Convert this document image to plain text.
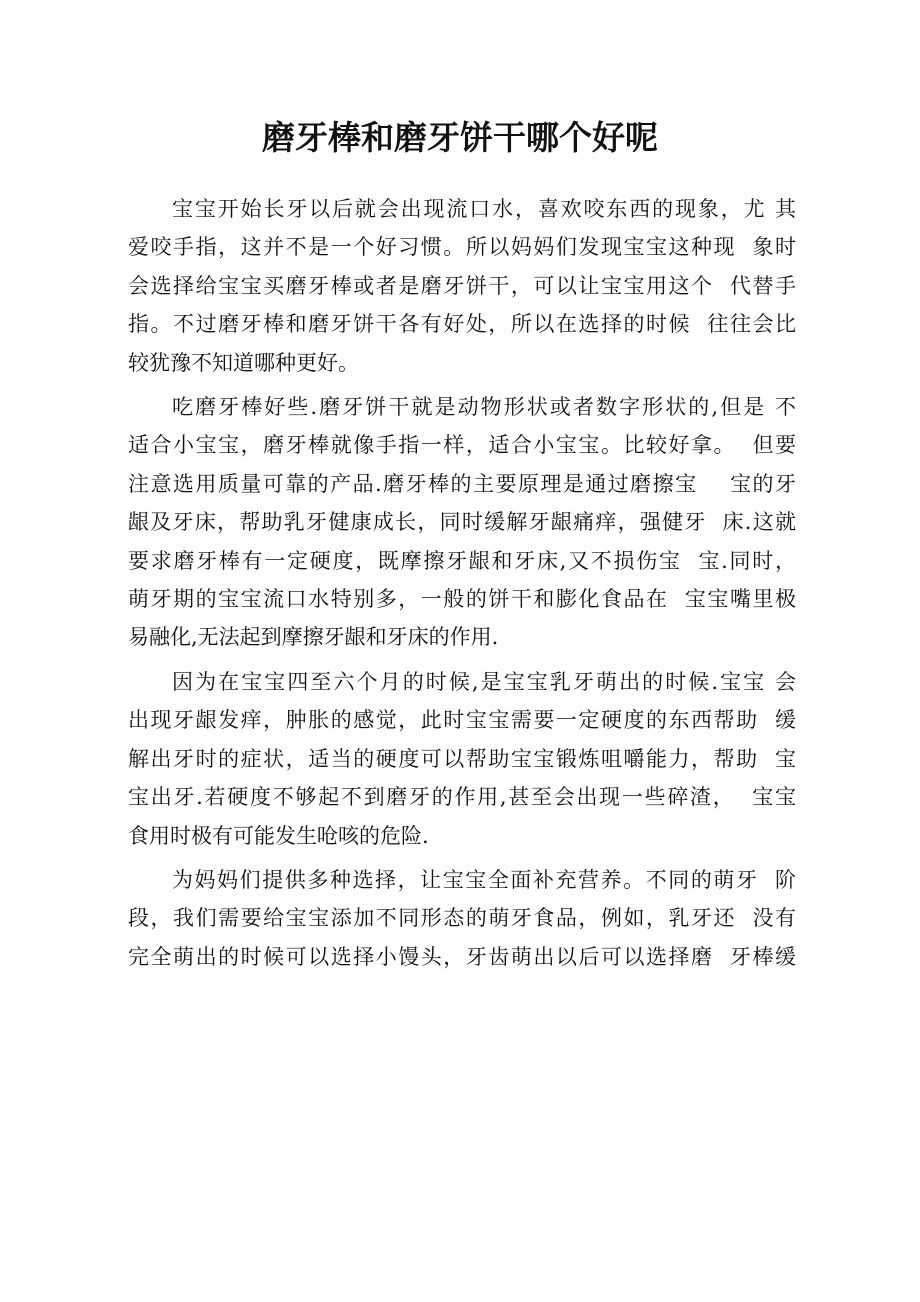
磨牙棒和磨牙饼干哪个好呢
宝宝开始长牙以后就会出现流口水，喜欢咬东西的现象，尤 其
爱咬手指，这并不是一个好习惯。所以妈妈们发现宝宝这种现  象时
会选择给宝宝买磨牙棒或者是磨牙饼干，可以让宝宝用这个  代替手
指。不过磨牙棒和磨牙饼干各有好处，所以在选择的时候  往往会比
较犹豫不知道哪种更好。
吃磨牙棒好些.磨牙饼干就是动物形状或者数字形状的,但是 不
适合小宝宝，磨牙棒就像手指一样，适合小宝宝。比较好拿。  但要
注意选用质量可靠的产品.磨牙棒的主要原理是通过磨擦宝    宝的牙
龈及牙床，帮助乳牙健康成长，同时缓解牙龈痛痒，强健牙  床.这就
要求磨牙棒有一定硬度，既摩擦牙龈和牙床,又不损伤宝  宝.同时，
萌牙期的宝宝流口水特别多，一般的饼干和膨化食品在  宝宝嘴里极
易融化,无法起到摩擦牙龈和牙床的作用.
因为在宝宝四至六个月的时候,是宝宝乳牙萌出的时候.宝宝 会
出现牙龈发痒，肿胀的感觉，此时宝宝需要一定硬度的东西帮助  缓
解出牙时的症状，适当的硬度可以帮助宝宝锻炼咀嚼能力，帮助  宝
宝出牙.若硬度不够起不到磨牙的作用,甚至会出现一些碎渣，  宝宝
食用时极有可能发生呛咳的危险.
为妈妈们提供多种选择，让宝宝全面补充营养。不同的萌牙  阶
段，我们需要给宝宝添加不同形态的萌牙食品，例如，乳牙还  没有
完全萌出的时候可以选择小馒头，牙齿萌出以后可以选择磨  牙棒缓
